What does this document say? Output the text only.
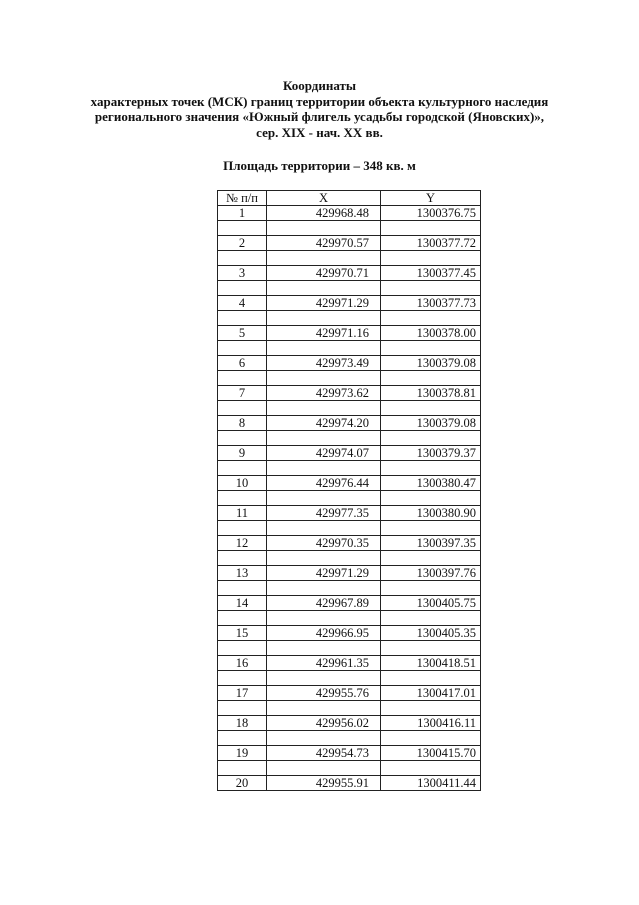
Координаты
характерных точек (МСК) границ территории объекта культурного наследия
регионального значения «Южный флигель усадьбы городской (Яновских)»,
сер. XIX - нач. XX вв.
Площадь территории – 348 кв. м
№ п/п	X	Y
1	429968.48	1300376.75

2	429970.57	1300377.72

3	429970.71	1300377.45

4	429971.29	1300377.73

5	429971.16	1300378.00

6	429973.49	1300379.08

7	429973.62	1300378.81

8	429974.20	1300379.08

9	429974.07	1300379.37

10	429976.44	1300380.47

11	429977.35	1300380.90

12	429970.35	1300397.35

13	429971.29	1300397.76

14	429967.89	1300405.75

15	429966.95	1300405.35

16	429961.35	1300418.51

17	429955.76	1300417.01

18	429956.02	1300416.11

19	429954.73	1300415.70

20	429955.91	1300411.44
